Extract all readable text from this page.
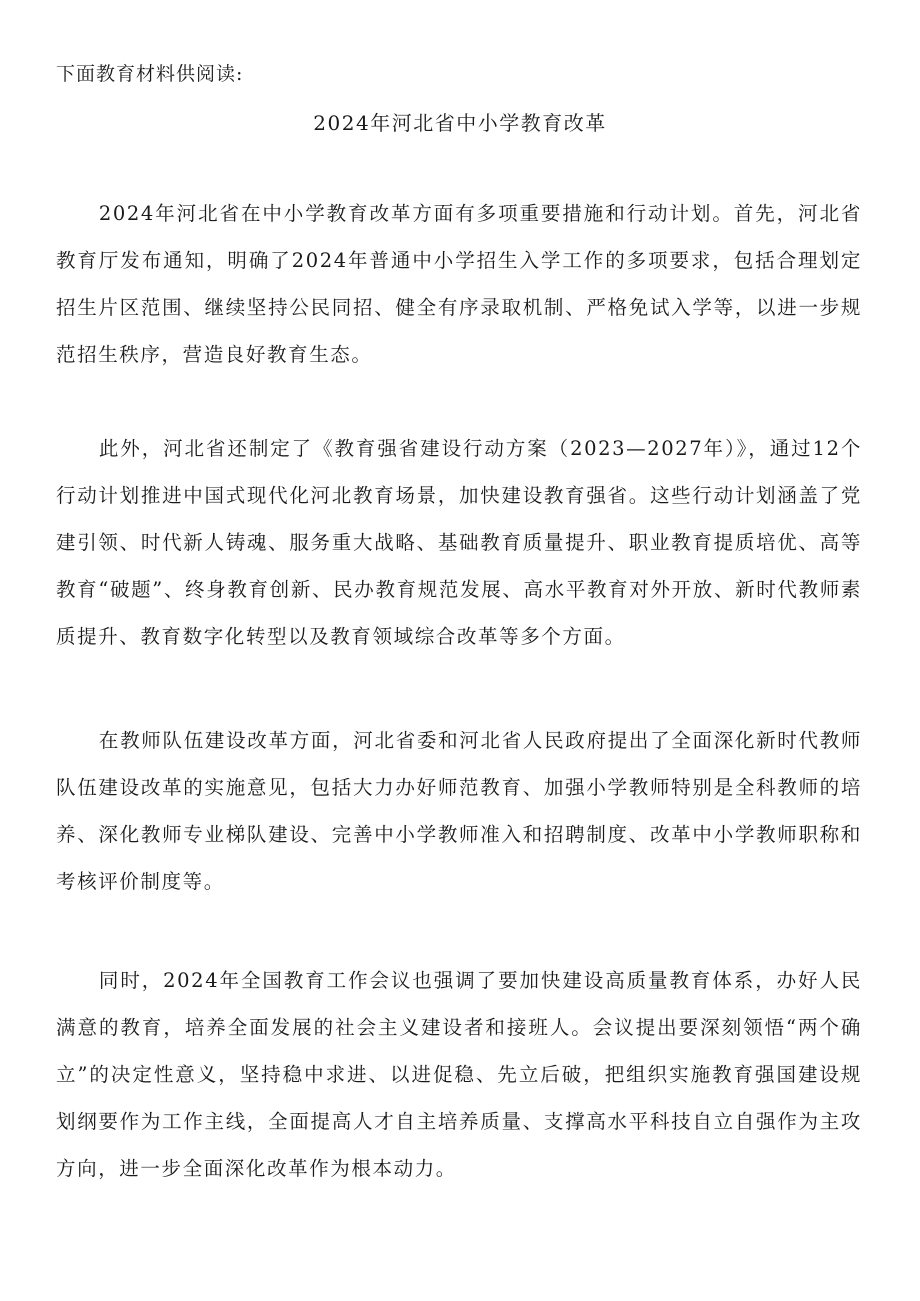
下面教育材料供阅读:

2024年河北省中小学教育改革

2024年河北省在中小学教育改革方面有多项重要措施和行动计划。首先，河北省教育厅发布通知，明确了2024年普通中小学招生入学工作的多项要求，包括合理划定招生片区范围、继续坚持公民同招、健全有序录取机制、严格免试入学等，以进一步规范招生秩序，营造良好教育生态。

此外，河北省还制定了《教育强省建设行动方案（2023—2027年）》，通过12个行动计划推进中国式现代化河北教育场景，加快建设教育强省。这些行动计划涵盖了党建引领、时代新人铸魂、服务重大战略、基础教育质量提升、职业教育提质培优、高等教育“破题”、终身教育创新、民办教育规范发展、高水平教育对外开放、新时代教师素质提升、教育数字化转型以及教育领域综合改革等多个方面。

在教师队伍建设改革方面，河北省委和河北省人民政府提出了全面深化新时代教师队伍建设改革的实施意见，包括大力办好师范教育、加强小学教师特别是全科教师的培养、深化教师专业梯队建设、完善中小学教师准入和招聘制度、改革中小学教师职称和考核评价制度等。

同时，2024年全国教育工作会议也强调了要加快建设高质量教育体系，办好人民满意的教育，培养全面发展的社会主义建设者和接班人。会议提出要深刻领悟“两个确立”的决定性意义，坚持稳中求进、以进促稳、先立后破，把组织实施教育强国建设规划纲要作为工作主线，全面提高人才自主培养质量、支撑高水平科技自立自强作为主攻方向，进一步全面深化改革作为根本动力。
